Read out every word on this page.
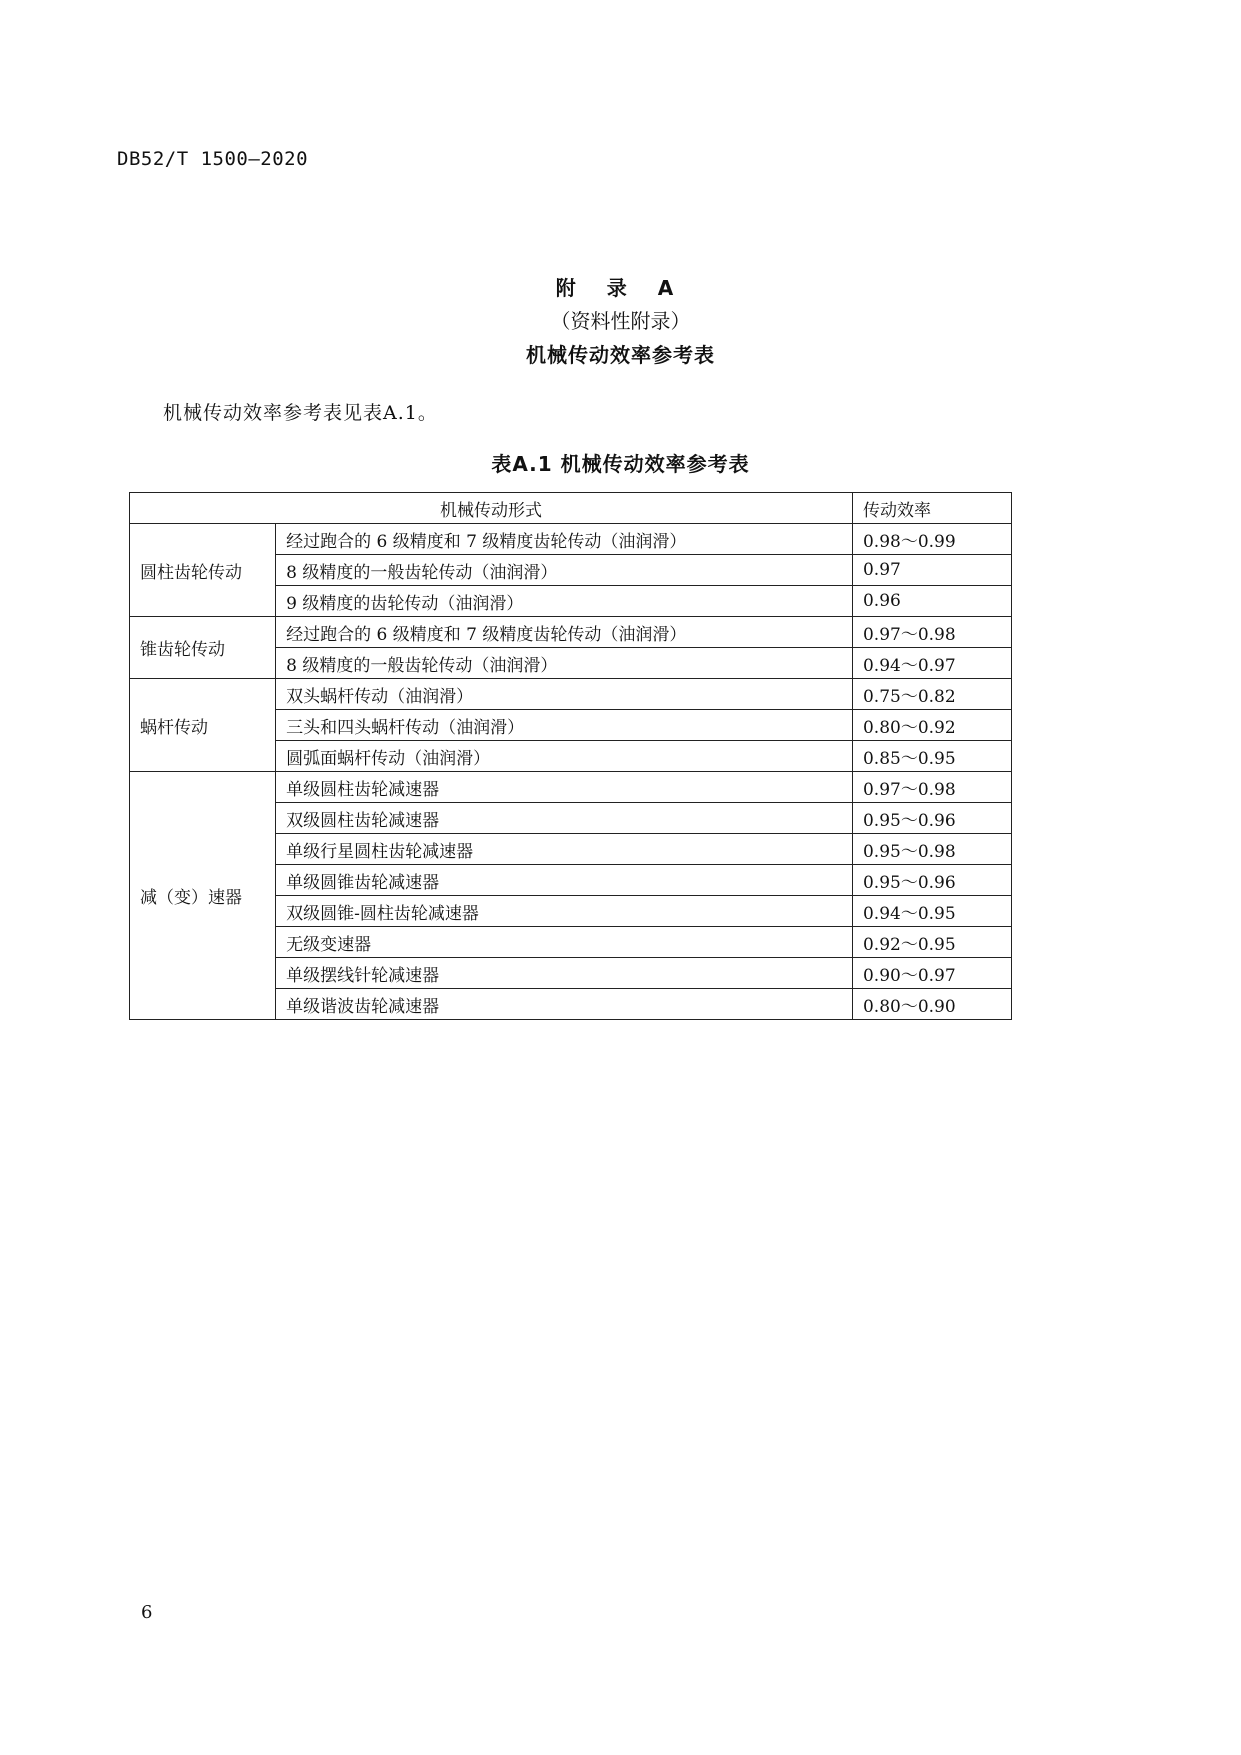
DB52/T 1500—2020
附 录 A
（资料性附录）
机械传动效率参考表
机械传动效率参考表见表A.1。
表A.1 机械传动效率参考表
机械传动形式		传动效率
圆柱齿轮传动	经过跑合的 6 级精度和 7 级精度齿轮传动（油润滑）	0.98～0.99
	8 级精度的一般齿轮传动（油润滑）	0.97
	9 级精度的齿轮传动（油润滑）	0.96
锥齿轮传动	经过跑合的 6 级精度和 7 级精度齿轮传动（油润滑）	0.97～0.98
	8 级精度的一般齿轮传动（油润滑）	0.94～0.97
蜗杆传动	双头蜗杆传动（油润滑）	0.75～0.82
	三头和四头蜗杆传动（油润滑）	0.80～0.92
	圆弧面蜗杆传动（油润滑）	0.85～0.95
减（变）速器	单级圆柱齿轮减速器	0.97～0.98
	双级圆柱齿轮减速器	0.95～0.96
	单级行星圆柱齿轮减速器	0.95～0.98
	单级圆锥齿轮减速器	0.95～0.96
	双级圆锥-圆柱齿轮减速器	0.94～0.95
	无级变速器	0.92～0.95
	单级摆线针轮减速器	0.90～0.97
	单级谐波齿轮减速器	0.80～0.90
6
